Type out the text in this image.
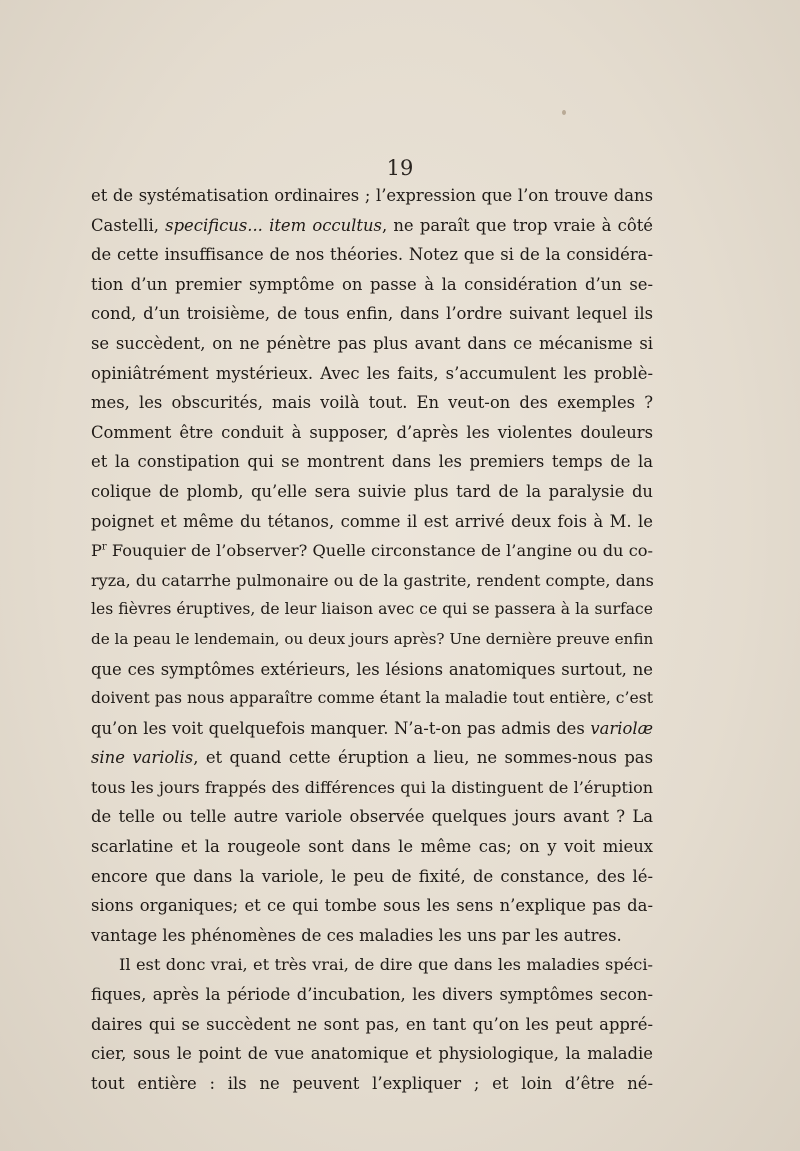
19
et de systématisation ordinaires ; l’expression que l’on trouve dans
Castelli, specificus... item occultus, ne paraît que trop vraie à côté
de cette insuffisance de nos théories. Notez que si de la considéra-
tion d’un premier symptôme on passe à la considération d’un se-
cond, d’un troisième, de tous enfin, dans l’ordre suivant lequel ils
se succèdent, on ne pénètre pas plus avant dans ce mécanisme si
opiniâtrément mystérieux. Avec les faits, s’accumulent les problè-
mes, les obscurités, mais voilà tout. En veut-on des exemples ?
Comment être conduit à supposer, d’après les violentes douleurs
et la constipation qui se montrent dans les premiers temps de la
colique de plomb, qu’elle sera suivie plus tard de la paralysie du
poignet et même du tétanos, comme il est arrivé deux fois à M. le
$P^r$ Fouquier de l’observer? Quelle circonstance de l’angine ou du co-
ryza, du catarrhe pulmonaire ou de la gastrite, rendent compte, dans
les fièvres éruptives, de leur liaison avec ce qui se passera à la surface
de la peau le lendemain, ou deux jours après? Une dernière preuve enfin
que ces symptômes extérieurs, les lésions anatomiques surtout, ne
doivent pas nous apparaître comme étant la maladie tout entière, c’est
qu’on les voit quelquefois manquer. N’a-t-on pas admis des variolæ
sine variolis, et quand cette éruption a lieu, ne sommes-nous pas
tous les jours frappés des différences qui la distinguent de l’éruption
de telle ou telle autre variole observée quelques jours avant ? La
scarlatine et la rougeole sont dans le même cas; on y voit mieux
encore que dans la variole, le peu de fixité, de constance, des lé-
sions organiques; et ce qui tombe sous les sens n’explique pas da-
vantage les phénomènes de ces maladies les uns par les autres.
Il est donc vrai, et très vrai, de dire que dans les maladies spéci-
fiques, après la période d’incubation, les divers symptômes secon-
daires qui se succèdent ne sont pas, en tant qu’on les peut appré-
cier, sous le point de vue anatomique et physiologique, la maladie
tout entière : ils ne peuvent l’expliquer ; et loin d’être né-
